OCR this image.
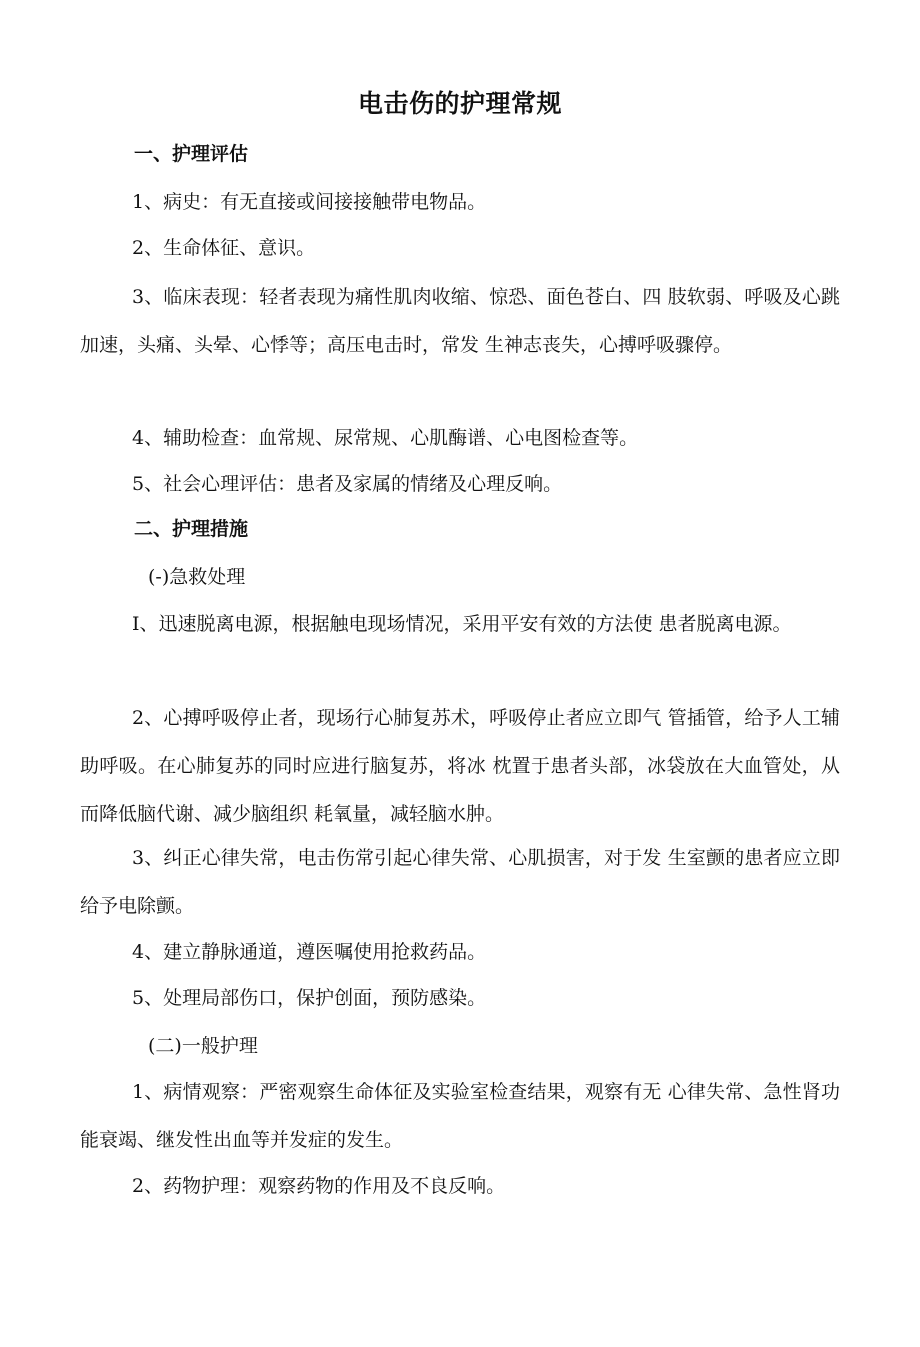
电击伤的护理常规
一、护理评估
1、病史：有无直接或间接接触带电物品。
2、生命体征、意识。
3、临床表现：轻者表现为痛性肌肉收缩、惊恐、面色苍白、四 肢软弱、呼吸及心跳加速，头痛、头晕、心悸等；高压电击时，常发 生神志丧失，心搏呼吸骤停。
4、辅助检查：血常规、尿常规、心肌酶谱、心电图检查等。
5、社会心理评估：患者及家属的情绪及心理反响。
二、护理措施
(-)急救处理
I、迅速脱离电源，根据触电现场情况，采用平安有效的方法使 患者脱离电源。
2、心搏呼吸停止者，现场行心肺复苏术，呼吸停止者应立即气 管插管，给予人工辅助呼吸。在心肺复苏的同时应进行脑复苏，将冰 枕置于患者头部，冰袋放在大血管处，从而降低脑代谢、减少脑组织 耗氧量，减轻脑水肿。
3、纠正心律失常，电击伤常引起心律失常、心肌损害，对于发 生室颤的患者应立即给予电除颤。
4、建立静脉通道，遵医嘱使用抢救药品。
5、处理局部伤口，保护创面，预防感染。
(二)一般护理
1、病情观察：严密观察生命体征及实验室检查结果，观察有无 心律失常、急性肾功能衰竭、继发性出血等并发症的发生。
2、药物护理：观察药物的作用及不良反响。
